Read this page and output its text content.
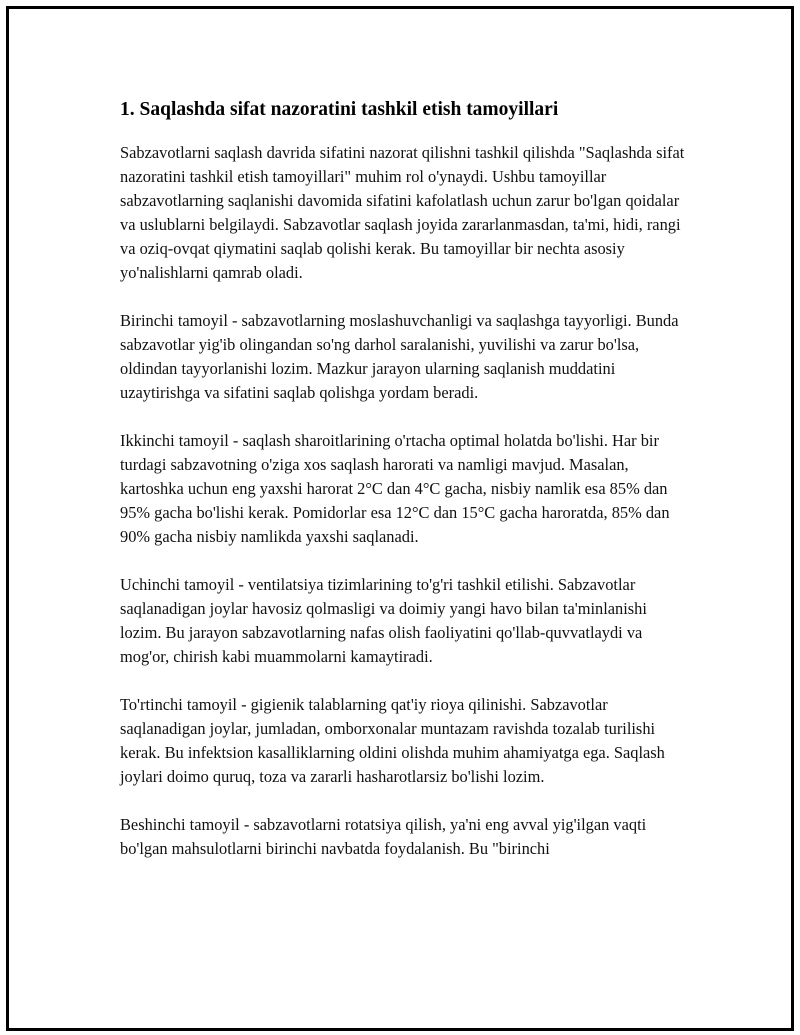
1. Saqlashda sifat nazoratini tashkil etish tamoyillari

Sabzavotlarni saqlash davrida sifatini nazorat qilishni tashkil qilishda "Saqlashda sifat nazoratini tashkil etish tamoyillari" muhim rol o'ynaydi. Ushbu tamoyillar sabzavotlarning saqlanishi davomida sifatini kafolatlash uchun zarur bo'lgan qoidalar va uslublarni belgilaydi. Sabzavotlar saqlash joyida zararlanmasdan, ta'mi, hidi, rangi va oziq-ovqat qiymatini saqlab qolishi kerak. Bu tamoyillar bir nechta asosiy yo'nalishlarni qamrab oladi.

Birinchi tamoyil - sabzavotlarning moslashuvchanligi va saqlashga tayyorligi. Bunda sabzavotlar yig'ib olingandan so'ng darhol saralanishi, yuvilishi va zarur bo'lsa, oldindan tayyorlanishi lozim. Mazkur jarayon ularning saqlanish muddatini uzaytirishga va sifatini saqlab qolishga yordam beradi.

Ikkinchi tamoyil - saqlash sharoitlarining o'rtacha optimal holatda bo'lishi. Har bir turdagi sabzavotning o'ziga xos saqlash harorati va namligi mavjud. Masalan, kartoshka uchun eng yaxshi harorat 2°C dan 4°C gacha, nisbiy namlik esa 85% dan 95% gacha bo'lishi kerak. Pomidorlar esa 12°C dan 15°C gacha haroratda, 85% dan 90% gacha nisbiy namlikda yaxshi saqlanadi.

Uchinchi tamoyil - ventilatsiya tizimlarining to'g'ri tashkil etilishi. Sabzavotlar saqlanadigan joylar havosiz qolmasligi va doimiy yangi havo bilan ta'minlanishi lozim. Bu jarayon sabzavotlarning nafas olish faoliyatini qo'llab-quvvatlaydi va mog'or, chirish kabi muammolarni kamaytiradi.

To'rtinchi tamoyil - gigienik talablarning qat'iy rioya qilinishi. Sabzavotlar saqlanadigan joylar, jumladan, omborxonalar muntazam ravishda tozalab turilishi kerak. Bu infektsion kasalliklarning oldini olishda muhim ahamiyatga ega. Saqlash joylari doimo quruq, toza va zararli hasharotlarsiz bo'lishi lozim.

Beshinchi tamoyil - sabzavotlarni rotatsiya qilish, ya'ni eng avval yig'ilgan vaqti bo'lgan mahsulotlarni birinchi navbatda foydalanish. Bu "birinchi
